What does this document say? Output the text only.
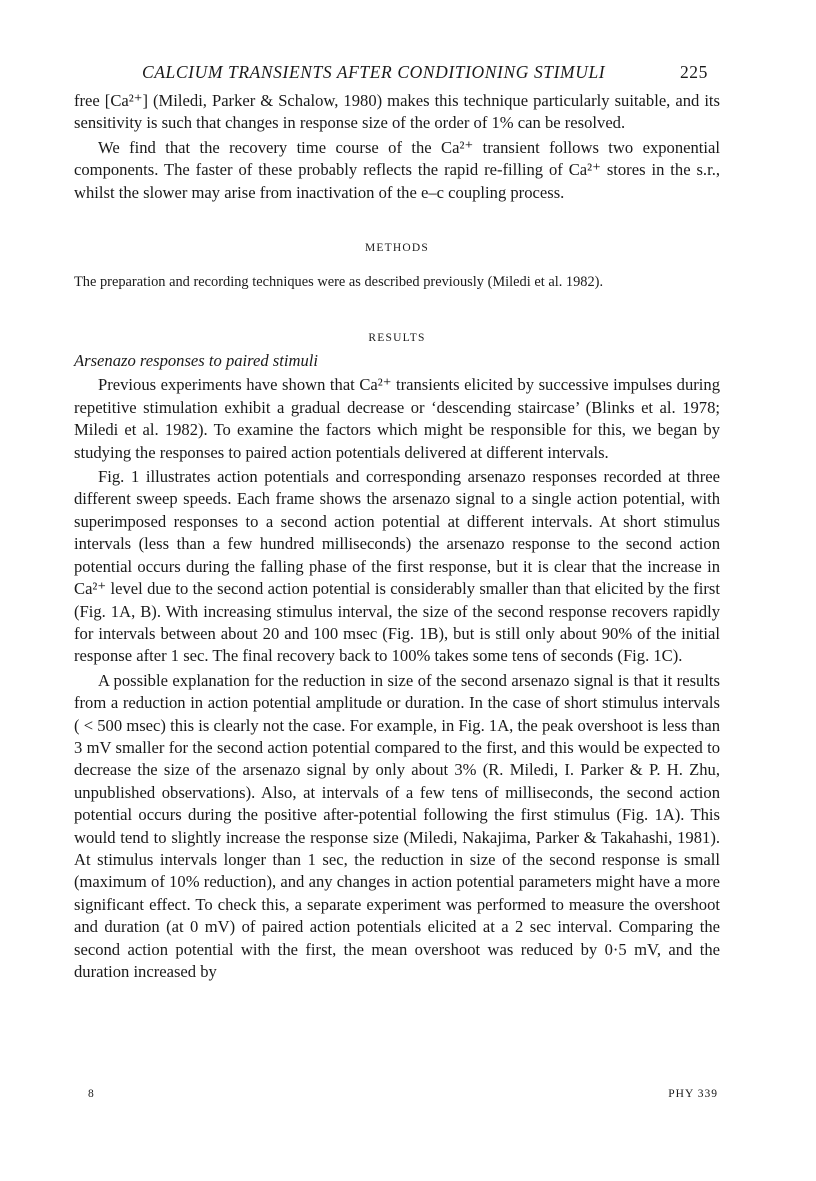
CALCIUM TRANSIENTS AFTER CONDITIONING STIMULI	225

free [Ca²⁺] (Miledi, Parker & Schalow, 1980) makes this technique particularly suitable, and its sensitivity is such that changes in response size of the order of 1% can be resolved.

We find that the recovery time course of the Ca²⁺ transient follows two exponential components. The faster of these probably reflects the rapid re-filling of Ca²⁺ stores in the s.r., whilst the slower may arise from inactivation of the e–c coupling process.

METHODS

The preparation and recording techniques were as described previously (Miledi et al. 1982).

RESULTS
Arsenazo responses to paired stimuli

Previous experiments have shown that Ca²⁺ transients elicited by successive impulses during repetitive stimulation exhibit a gradual decrease or ‘descending staircase’ (Blinks et al. 1978; Miledi et al. 1982). To examine the factors which might be responsible for this, we began by studying the responses to paired action potentials delivered at different intervals.

Fig. 1 illustrates action potentials and corresponding arsenazo responses recorded at three different sweep speeds. Each frame shows the arsenazo signal to a single action potential, with superimposed responses to a second action potential at different intervals. At short stimulus intervals (less than a few hundred milliseconds) the arsenazo response to the second action potential occurs during the falling phase of the first response, but it is clear that the increase in Ca²⁺ level due to the second action potential is considerably smaller than that elicited by the first (Fig. 1A, B). With increasing stimulus interval, the size of the second response recovers rapidly for intervals between about 20 and 100 msec (Fig. 1B), but is still only about 90% of the initial response after 1 sec. The final recovery back to 100% takes some tens of seconds (Fig. 1C).

A possible explanation for the reduction in size of the second arsenazo signal is that it results from a reduction in action potential amplitude or duration. In the case of short stimulus intervals ( < 500 msec) this is clearly not the case. For example, in Fig. 1A, the peak overshoot is less than 3 mV smaller for the second action potential compared to the first, and this would be expected to decrease the size of the arsenazo signal by only about 3% (R. Miledi, I. Parker & P. H. Zhu, unpublished observations). Also, at intervals of a few tens of milliseconds, the second action potential occurs during the positive after-potential following the first stimulus (Fig. 1A). This would tend to slightly increase the response size (Miledi, Nakajima, Parker & Takahashi, 1981). At stimulus intervals longer than 1 sec, the reduction in size of the second response is small (maximum of 10% reduction), and any changes in action potential parameters might have a more significant effect. To check this, a separate experiment was performed to measure the overshoot and duration (at 0 mV) of paired action potentials elicited at a 2 sec interval. Comparing the second action potential with the first, the mean overshoot was reduced by 0·5 mV, and the duration increased by

8	PHY 339
